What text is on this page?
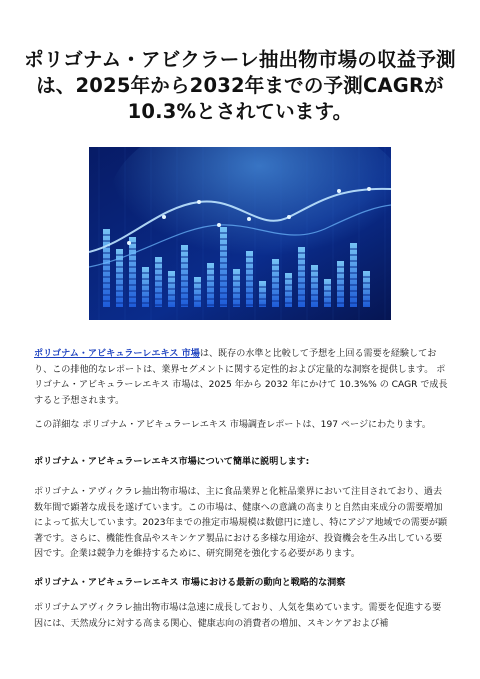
ポリゴナム・アビクラーレ抽出物市場の収益予測は、2025年から2032年までの予測CAGRが10.3%とされています。

ポリゴナム・アビキュラーレエキス 市場は、既存の水準と比較して予想を上回る需要を経験しており、この排他的なレポートは、業界セグメントに関する定性的および定量的な洞察を提供します。 ポリゴナム・アビキュラーレエキス 市場は、2025 年から 2032 年にかけて 10.3%% の CAGR で成長すると予想されます。

この詳細な ポリゴナム・アビキュラーレエキス 市場調査レポートは、197 ページにわたります。

ポリゴナム・アビキュラーレエキス市場について簡単に説明します:

ポリゴナム・アヴィクラレ抽出物市場は、主に食品業界と化粧品業界において注目されており、過去数年間で顕著な成長を遂げています。この市場は、健康への意識の高まりと自然由来成分の需要増加によって拡大しています。2023年までの推定市場規模は数億円に達し、特にアジア地域での需要が顕著です。さらに、機能性食品やスキンケア製品における多様な用途が、投資機会を生み出している要因です。企業は競争力を維持するために、研究開発を強化する必要があります。

ポリゴナム・アビキュラーレエキス 市場における最新の動向と戦略的な洞察

ポリゴナムアヴィクラレ抽出物市場は急速に成長しており、人気を集めています。需要を促進する要因には、天然成分に対する高まる関心、健康志向の消費者の増加、スキンケアおよび補
